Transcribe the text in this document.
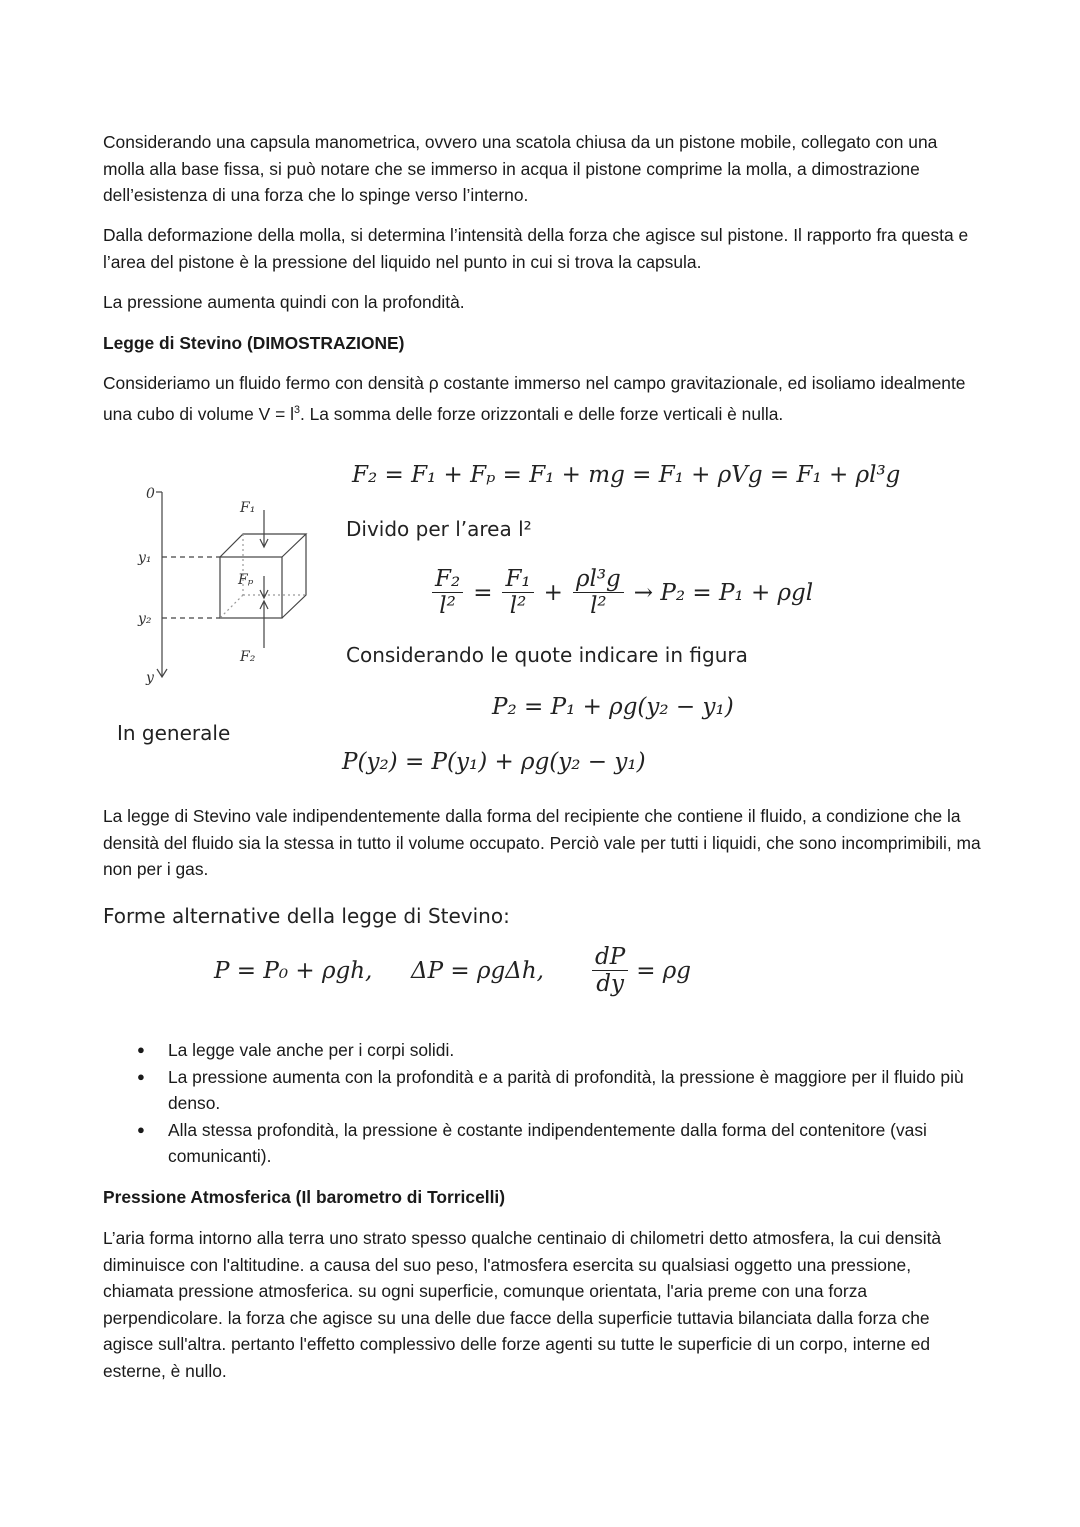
Considerando una capsula manometrica, ovvero una scatola chiusa da un pistone mobile, collegato con una molla alla base fissa, si può notare che se immerso in acqua il pistone comprime la molla, a dimostrazione dell’esistenza di una forza che lo spinge verso l’interno.

Dalla deformazione della molla, si determina l’intensità della forza che agisce sul pistone. Il rapporto fra questa e l’area del pistone è la pressione del liquido nel punto in cui si trova la capsula.

La pressione aumenta quindi con la profondità.

Legge di Stevino (DIMOSTRAZIONE)

Consideriamo un fluido fermo con densità ρ costante immerso nel campo gravitazionale, ed isoliamo idealmente una cubo di volume $V = l^3$. La somma delle forze orizzontali e delle forze verticali è nulla.

0
y₁
y₂
y
F₁
Fₚ
F₂
F₂ = F₁ + Fₚ = F₁ + mg = F₁ + ρVg = F₁ + ρl³g
Divido per l’area l²
$\frac{\text{F₂}}{\text{l²}} = \frac{\text{F₁}}{\text{l²}} + \frac{\text{ρl³g}}{\text{l²}} \to P_2 = P_1 + \rho gl$
Considerando le quote indicare in figura
P₂ = P₁ + ρg(y₂ − y₁)
In generale
P(y₂) = P(y₁) + ρg(y₂ − y₁)

La legge di Stevino vale indipendentemente dalla forma del recipiente che contiene il fluido, a condizione che la densità del fluido sia la stessa in tutto il volume occupato. Perciò vale per tutti i liquidi, che sono incomprimibili, ma non per i gas.

Forme alternative della legge di Stevino:
P = P₀ + ρgh, ΔP = ρgΔh, $\frac{dP}{dy} = \rho g$
● La legge vale anche per i corpi solidi.
● La pressione aumenta con la profondità e a parità di profondità, la pressione è maggiore per il fluido più denso.
● Alla stessa profondità, la pressione è costante indipendentemente dalla forma del contenitore (vasi comunicanti).

Pressione Atmosferica (Il barometro di Torricelli)

L’aria forma intorno alla terra uno strato spesso qualche centinaio di chilometri detto atmosfera, la cui densità diminuisce con l'altitudine. a causa del suo peso, l'atmosfera esercita su qualsiasi oggetto una pressione, chiamata pressione atmosferica. su ogni superficie, comunque orientata, l'aria preme con una forza perpendicolare. la forza che agisce su una delle due facce della superficie tuttavia bilanciata dalla forza che agisce sull'altra. pertanto l'effetto complessivo delle forze agenti su tutte le superficie di un corpo, interne ed esterne, è nullo.
